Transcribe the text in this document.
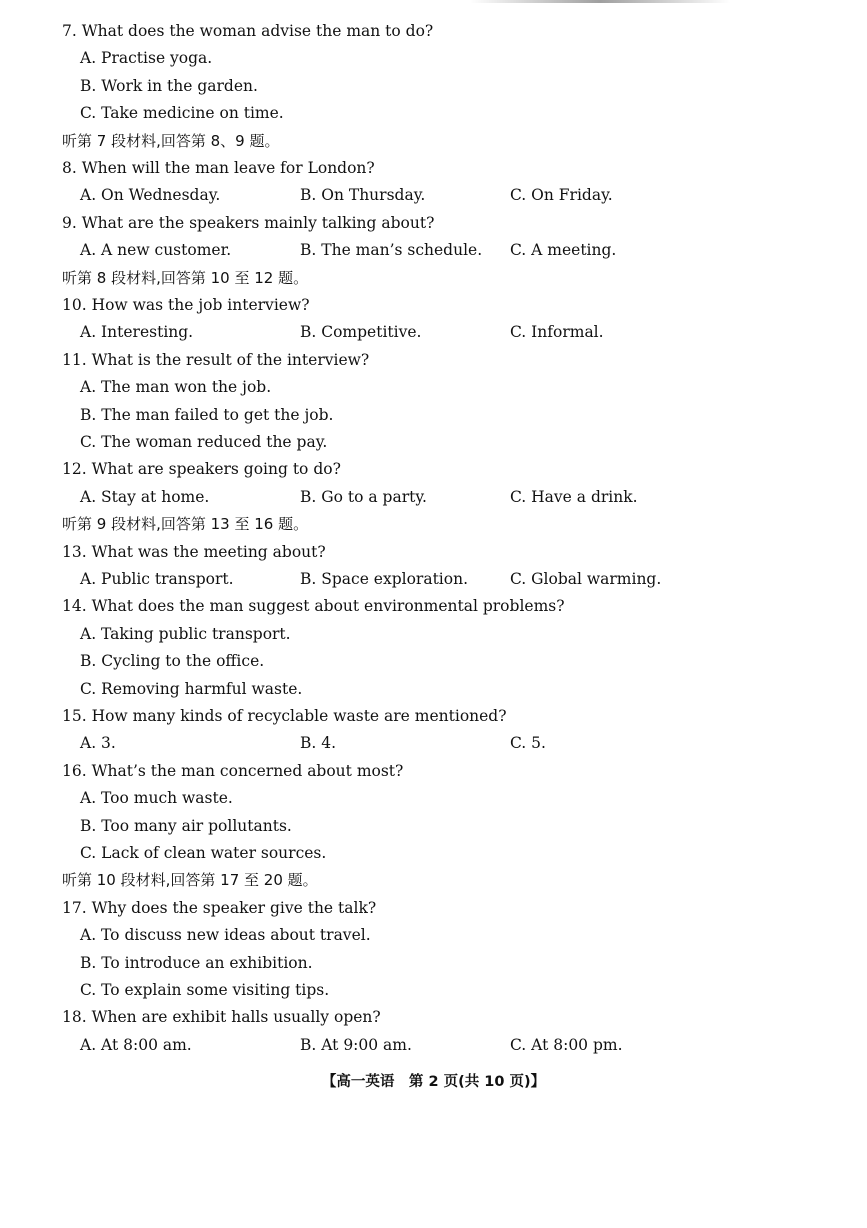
7. What does the woman advise the man to do?
A. Practise yoga.
B. Work in the garden.
C. Take medicine on time.
听第 7 段材料,回答第 8、9 题。
8. When will the man leave for London?
A. On Wednesday.	B. On Thursday.	C. On Friday.
9. What are the speakers mainly talking about?
A. A new customer.	B. The man’s schedule. C. A meeting.
听第 8 段材料,回答第 10 至 12 题。
10. How was the job interview?
A. Interesting.	B. Competitive.	C. Informal.
11. What is the result of the interview?
A. The man won the job.
B. The man failed to get the job.
C. The woman reduced the pay.
12. What are speakers going to do?
A. Stay at home.	B. Go to a party.	C. Have a drink.
听第 9 段材料,回答第 13 至 16 题。
13. What was the meeting about?
A. Public transport.	B. Space exploration.	C. Global warming.
14. What does the man suggest about environmental problems?
A. Taking public transport.
B. Cycling to the office.
C. Removing harmful waste.
15. How many kinds of recyclable waste are mentioned?
A. 3.	B. 4.	C. 5.
16. What’s the man concerned about most?
A. Too much waste.
B. Too many air pollutants.
C. Lack of clean water sources.
听第 10 段材料,回答第 17 至 20 题。
17. Why does the speaker give the talk?
A. To discuss new ideas about travel.
B. To introduce an exhibition.
C. To explain some visiting tips.
18. When are exhibit halls usually open?
A. At 8:00 am.	B. At 9:00 am.	C. At 8:00 pm.
【高一英语　第 2 页(共 10 页)】
